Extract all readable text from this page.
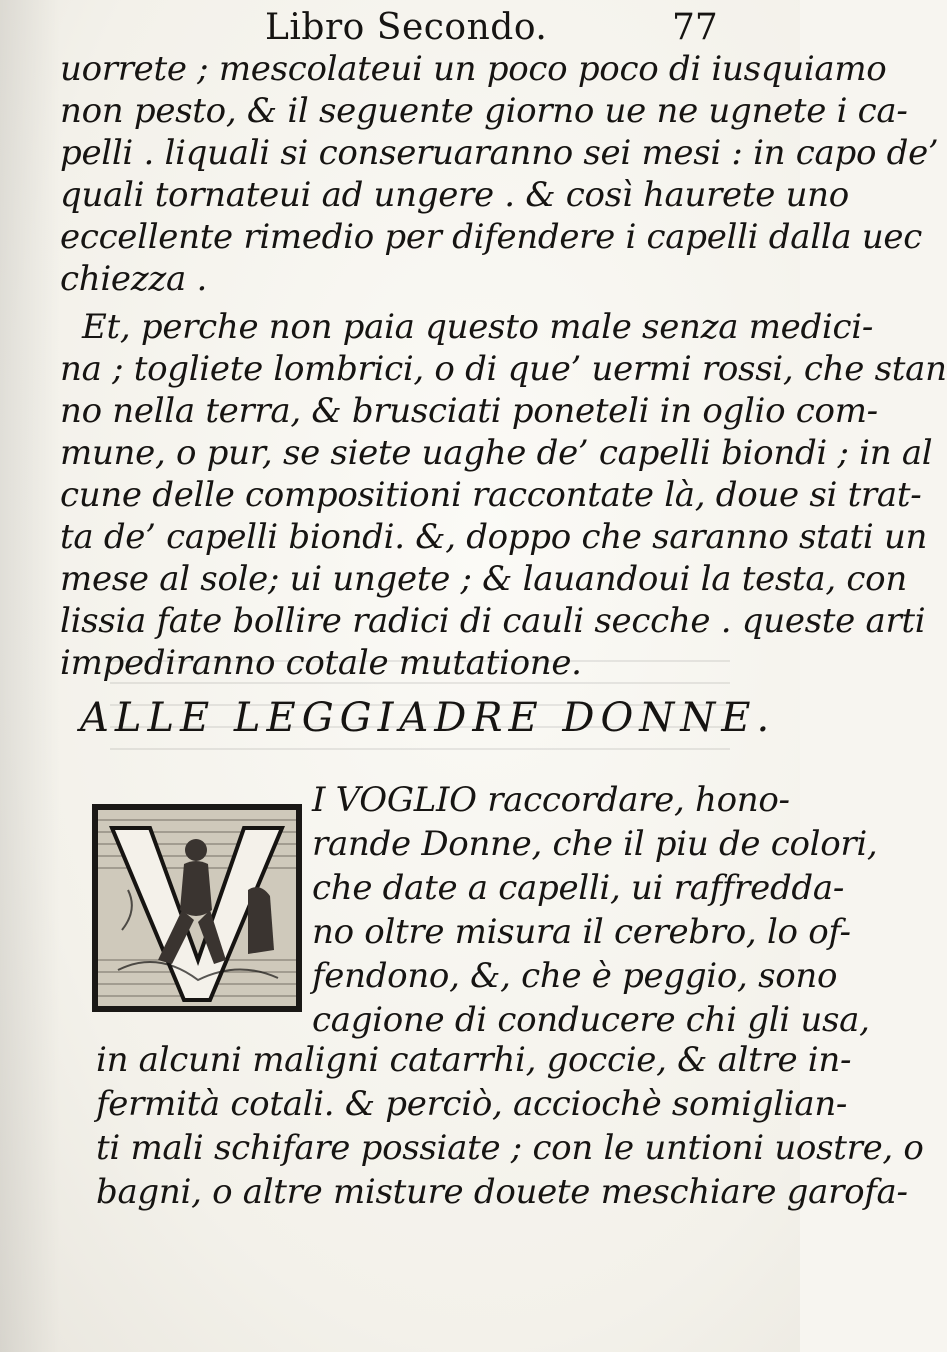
Libro Secondo.	77
uorrete ; mescolateui un poco poco di iusquiamo
non pesto, & il seguente giorno ue ne ugnete i ca-
pelli . liquali si conseruaranno sei mesi : in capo de’
quali tornateui ad ungere . & così haurete uno
eccellente rimedio per difendere i capelli dalla uec
chiezza .
Et, perche non paia questo male senza medici-
na ; togliete lombrici, o di que’ uermi rossi, che stan
no nella terra, & brusciati poneteli in oglio com-
mune, o pur, se siete uaghe de’ capelli biondi ; in al
cune delle compositioni raccontate là, doue si trat-
ta de’ capelli biondi. &, doppo che saranno stati un
mese al sole; ui ungete ; & lauandoui la testa, con
lissia fate bollire radici di cauli secche . queste arti
impediranno cotale mutatione.
ALLE LEGGIADRE DONNE.
I VOGLIO raccordare, hono-
rande Donne, che il piu de colori,
che date a capelli, ui raffredda-
no oltre misura il cerebro, lo of-
fendono, &, che è peggio, sono
cagione di conducere chi gli usa,
in alcuni maligni catarrhi, goccie, & altre in-
fermità cotali. & perciò, acciochè somiglian-
ti mali schifare possiate ; con le untioni uostre, o
bagni, o altre misture douete meschiare garofa-
